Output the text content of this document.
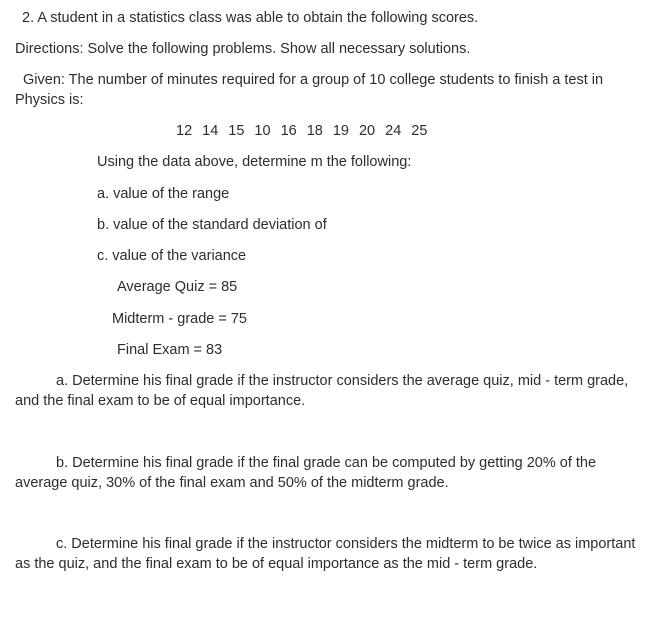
2. A student in a statistics class was able to obtain the following scores.
Directions: Solve the following problems. Show all necessary solutions.
Given: The number of minutes required for a group of 10 college students to finish a test in Physics is:
12 14 15 10 16 18 19 20 24 25
Using the data above, determine m the following:
a. value of the range
b. value of the standard deviation of
c. value of the variance
Average Quiz = 85
Midterm - grade = 75
Final Exam = 83
a. Determine his final grade if the instructor considers the average quiz, mid - term grade, and the final exam to be of equal importance.
b. Determine his final grade if the final grade can be computed by getting 20% of the average quiz, 30% of the final exam and 50% of the midterm grade.
c. Determine his final grade if the instructor considers the midterm to be twice as important as the quiz, and the final exam to be of equal importance as the mid - term grade.
